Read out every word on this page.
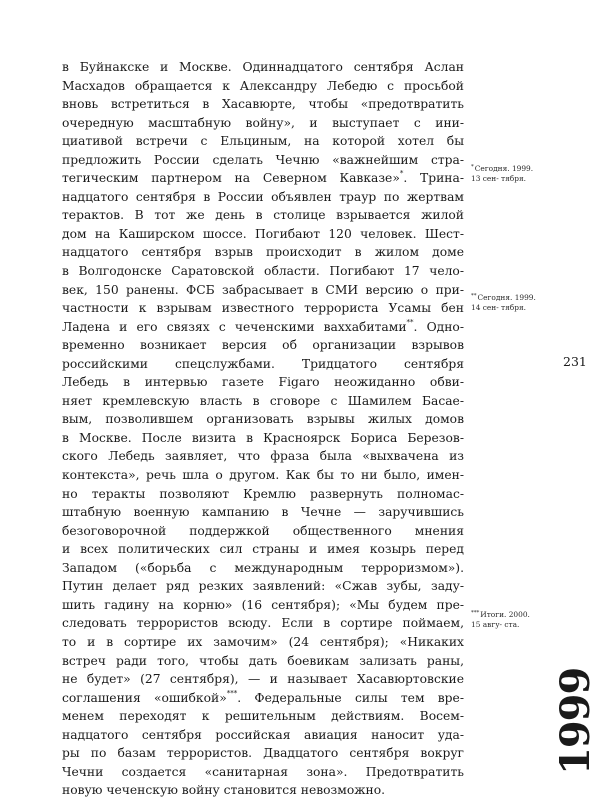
в Буйнакске и Москве. Одиннадцатого сентября Аслан
Масхадов обращается к Александру Лебедю с просьбой
вновь встретиться в Хасавюрте, чтобы «предотвратить
очередную масштабную войну», и выступает с ини-
циативой встречи с Ельциным, на которой хотел бы
предложить России сделать Чечню «важнейшим стра-
тегическим партнером на Северном Кавказе»*. Трина-
надцатого сентября в России объявлен траур по жертвам
терактов. В тот же день в столице взрывается жилой
дом на Каширском шоссе. Погибают 120 человек. Шест-
надцатого сентября взрыв происходит в жилом доме
в Волгодонске Саратовской области. Погибают 17 чело-
век, 150 ранены. ФСБ забрасывает в СМИ версию о при-
частности к взрывам известного террориста Усамы бен
Ладена и его связях с чеченскими ваххабитами**. Одно-
временно возникает версия об организации взрывов
российскими спецслужбами. Тридцатого сентября
Лебедь в интервью газете Figaro неожиданно обви-
няет кремлевскую власть в сговоре с Шамилем Басае-
вым, позволившем организовать взрывы жилых домов
в Москве. После визита в Красноярск Бориса Березов-
ского Лебедь заявляет, что фраза была «выхвачена из
контекста», речь шла о другом. Как бы то ни было, имен-
но теракты позволяют Кремлю развернуть полномас-
штабную военную кампанию в Чечне — заручившись
безоговорочной поддержкой общественного мнения
и всех политических сил страны и имея козырь перед
Западом («борьба с международным терроризмом»).
Путин делает ряд резких заявлений: «Сжав зубы, заду-
шить гадину на корню» (16 сентября); «Мы будем пре-
следовать террористов всюду. Если в сортире поймаем,
то и в сортире их замочим» (24 сентября); «Никаких
встреч ради того, чтобы дать боевикам зализать раны,
не будет» (27 сентября), — и называет Хасавюртовские
соглашения «ошибкой»***. Федеральные силы тем вре-
менем переходят к решительным действиям. Восем-
надцатого сентября российская авиация наносит уда-
ры по базам террористов. Двадцатого сентября вокруг
Чечни создается «санитарная зона». Предотвратить
новую чеченскую войну становится невозможно.
*Сегодня. 1999. 13 сен- тября.
**Сегодня. 1999. 14 сен- тября.
***Итоги. 2000. 15 авгу- ста.
231
1999
